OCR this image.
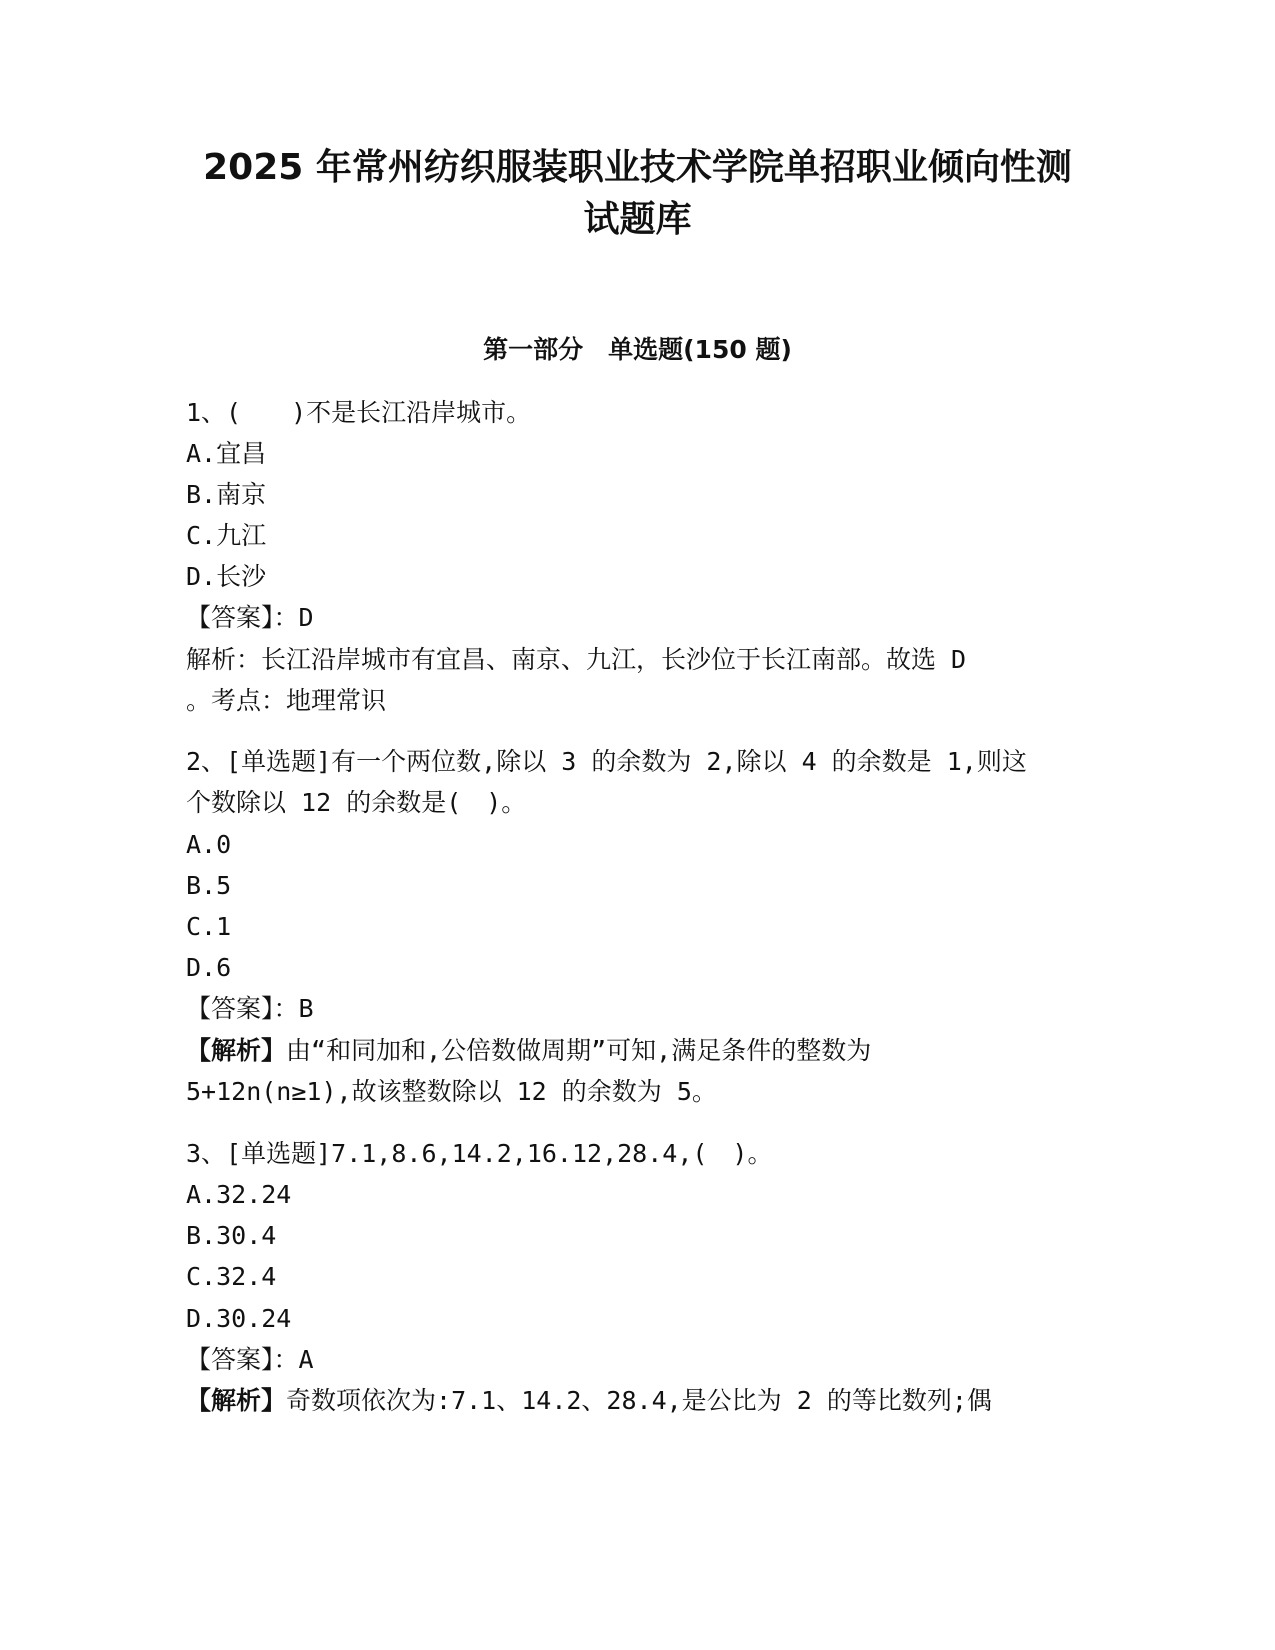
2025 年常州纺织服装职业技术学院单招职业倾向性测
试题库
第一部分　单选题(150 题)
1、(　　)不是长江沿岸城市。
A.宜昌
B.南京
C.九江
D.长沙
【答案】：D
解析：长江沿岸城市有宜昌、南京、九江，长沙位于长江南部。故选 D
。考点：地理常识
2、[单选题]有一个两位数,除以 3 的余数为 2,除以 4 的余数是 1,则这
个数除以 12 的余数是(　)。
A.0
B.5
C.1
D.6
【答案】：B
【解析】由“和同加和,公倍数做周期”可知,满足条件的整数为
5+12n(n≥1),故该整数除以 12 的余数为 5。
3、[单选题]7.1,8.6,14.2,16.12,28.4,(　)。
A.32.24
B.30.4
C.32.4
D.30.24
【答案】：A
【解析】奇数项依次为:7.1、14.2、28.4,是公比为 2 的等比数列;偶
